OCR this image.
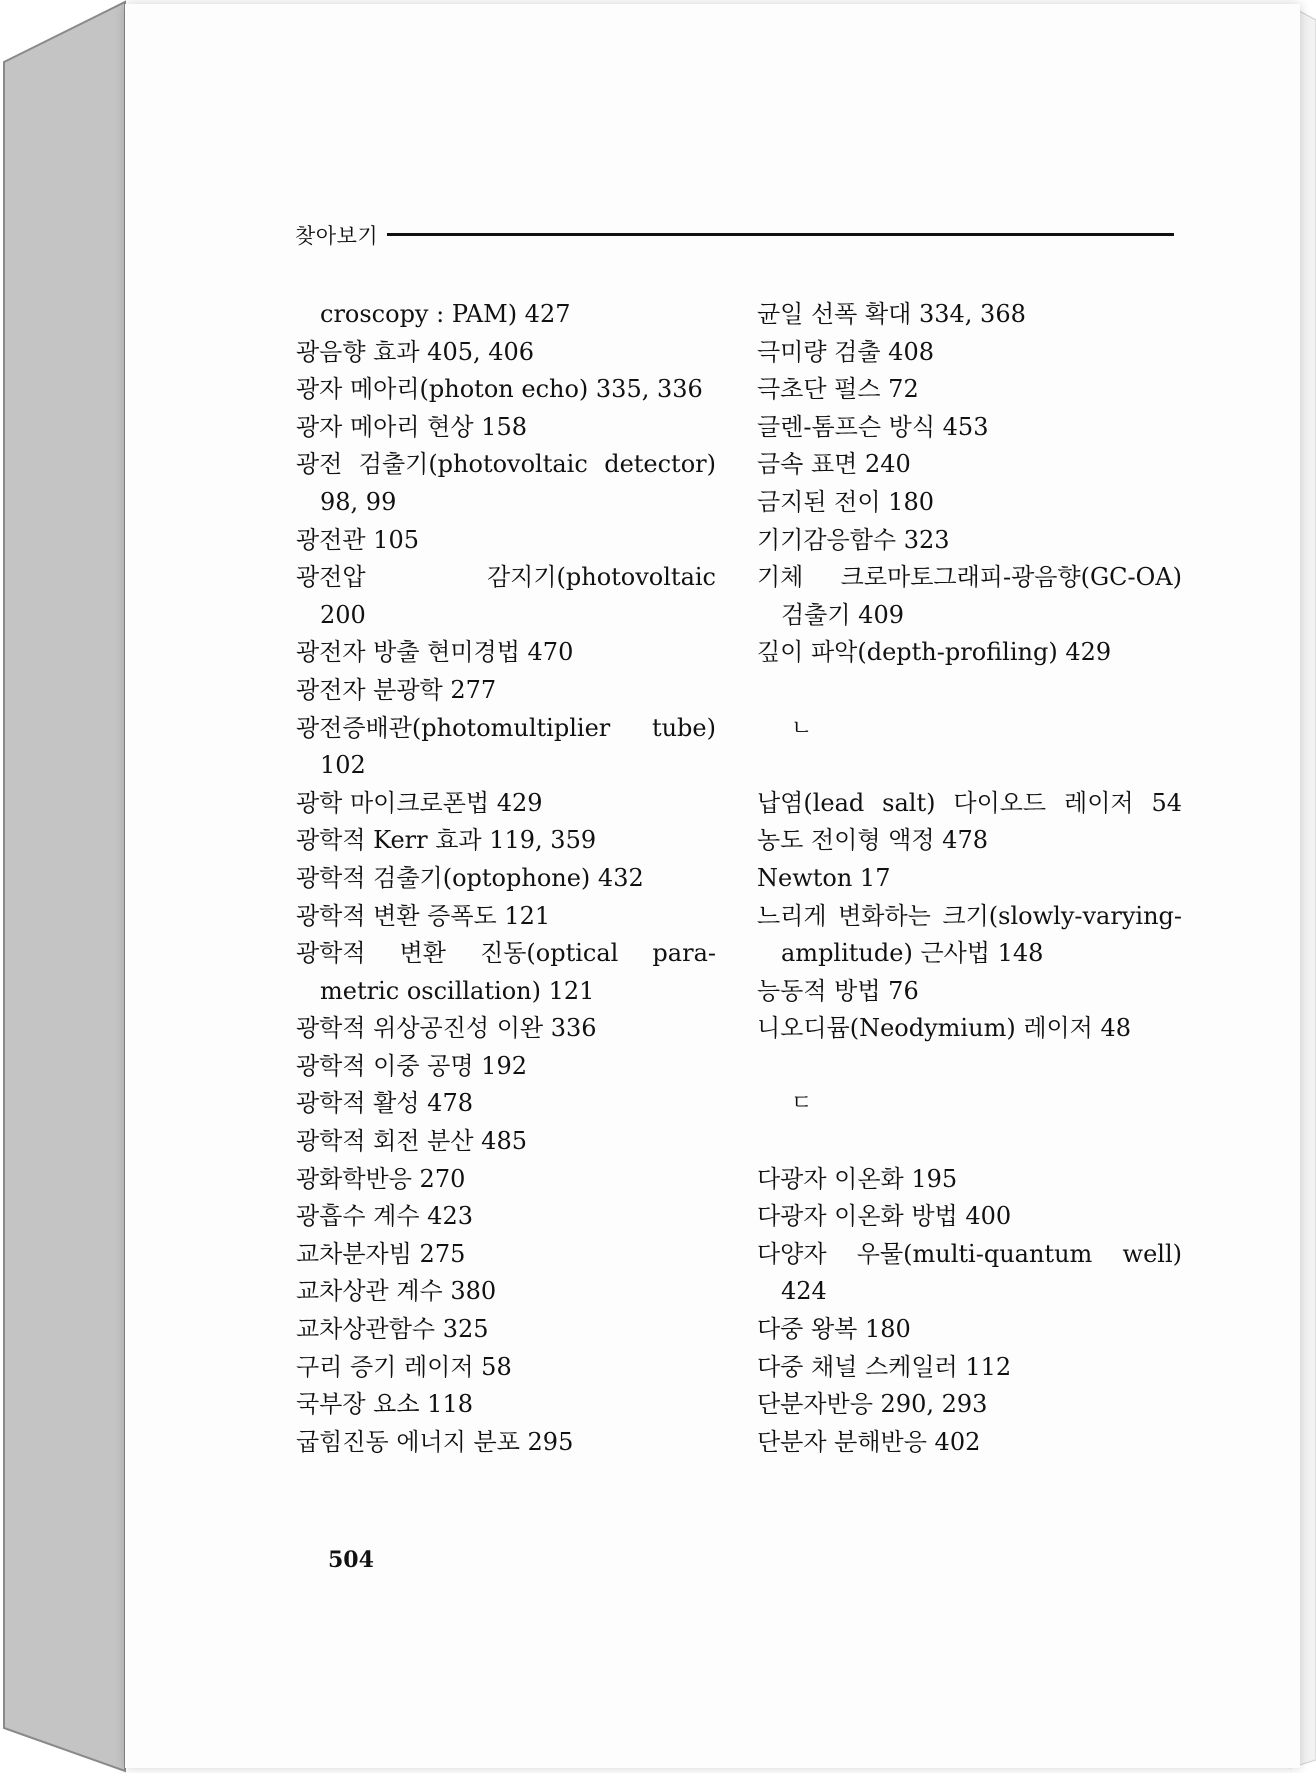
찾아보기
croscopy : PAM) 427
광음향 효과 405, 406
광자 메아리(photon echo) 335, 336
광자 메아리 현상 158
광전 검출기(photovoltaic detector)
98, 99
광전관 105
광전압 감지기(photovoltaic
200
광전자 방출 현미경법 470
광전자 분광학 277
광전증배관(photomultiplier tube)
102
광학 마이크로폰법 429
광학적 Kerr 효과 119, 359
광학적 검출기(optophone) 432
광학적 변환 증폭도 121
광학적 변환 진동(optical para-
metric oscillation) 121
광학적 위상공진성 이완 336
광학적 이중 공명 192
광학적 활성 478
광학적 회전 분산 485
광화학반응 270
광흡수 계수 423
교차분자빔 275
교차상관 계수 380
교차상관함수 325
구리 증기 레이저 58
국부장 요소 118
굽힘진동 에너지 분포 295
균일 선폭 확대 334, 368
극미량 검출 408
극초단 펄스 72
글렌-톰프슨 방식 453
금속 표면 240
금지된 전이 180
기기감응함수 323
기체 크로마토그래피-광음향(GC-OA)
검출기 409
깊이 파악(depth-profiling) 429
ㄴ
납염(lead salt) 다이오드 레이저 54
농도 전이형 액정 478
Newton 17
느리게 변화하는 크기(slowly-varying-
amplitude) 근사법 148
능동적 방법 76
니오디뮴(Neodymium) 레이저 48
ㄷ
다광자 이온화 195
다광자 이온화 방법 400
다양자 우물(multi-quantum well)
424
다중 왕복 180
다중 채널 스케일러 112
단분자반응 290, 293
단분자 분해반응 402
504
